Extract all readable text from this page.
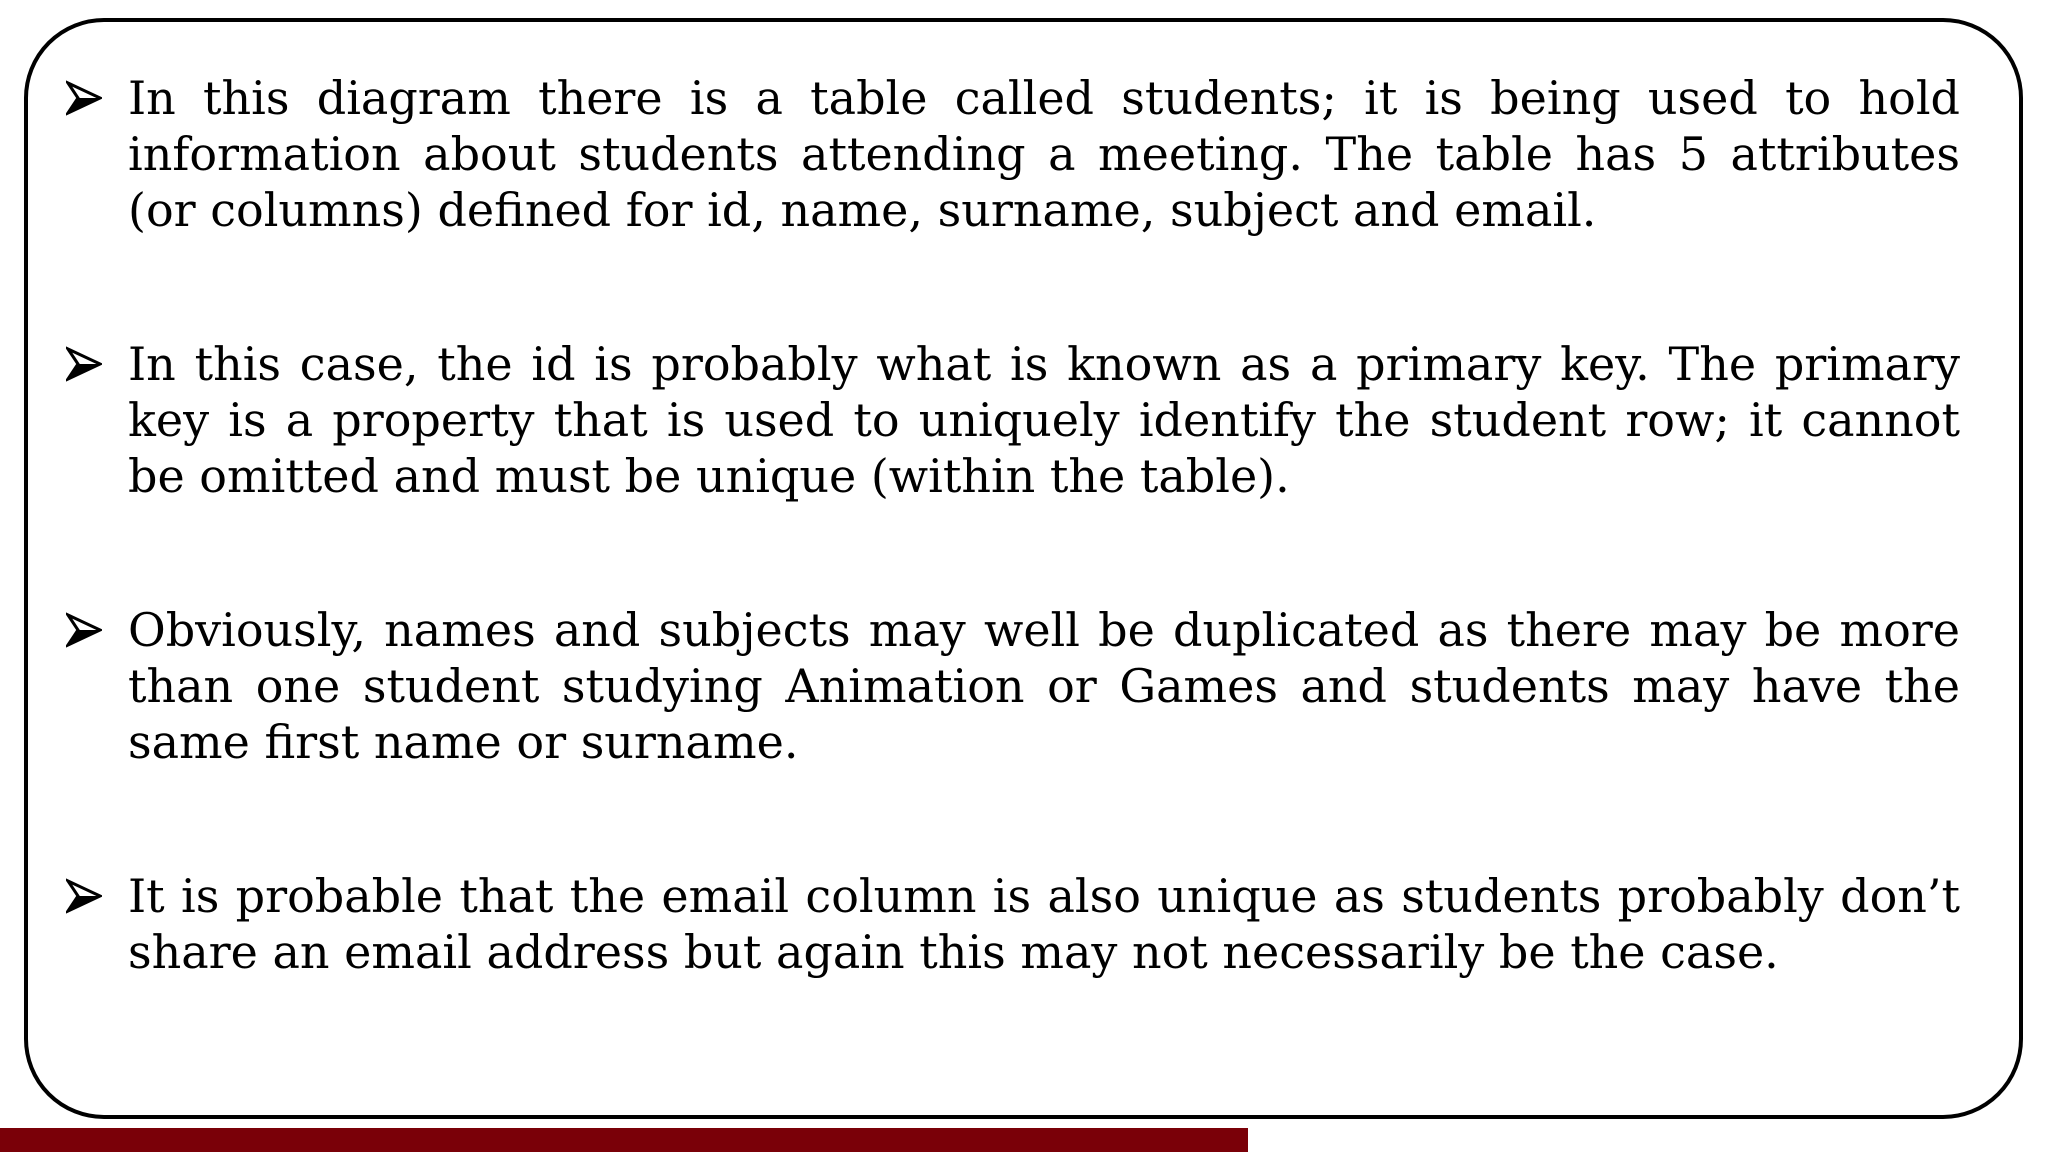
In this diagram there is a table called students; it is being used to hold information about students attending a meeting. The table has 5 attributes (or columns) defined for id, name, surname, subject and email.
In this case, the id is probably what is known as a primary key. The primary key is a property that is used to uniquely identify the student row; it cannot be omitted and must be unique (within the table).
Obviously, names and subjects may well be duplicated as there may be more than one student studying Animation or Games and students may have the same first name or surname.
It is probable that the email column is also unique as students probably don’t share an email address but again this may not necessarily be the case.
